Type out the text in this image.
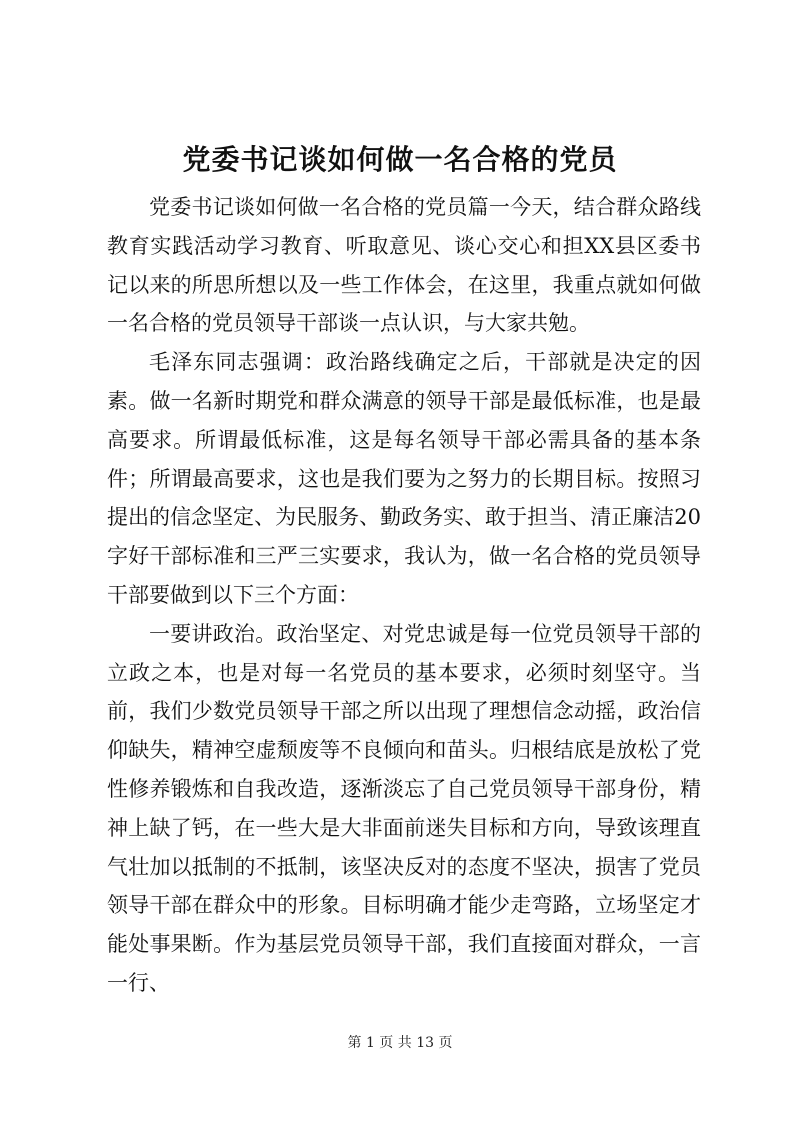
党委书记谈如何做一名合格的党员

党委书记谈如何做一名合格的党员篇一今天，结合群众路线教育实践活动学习教育、听取意见、谈心交心和担XX县区委书记以来的所思所想以及一些工作体会，在这里，我重点就如何做一名合格的党员领导干部谈一点认识，与大家共勉。

毛泽东同志强调：政治路线确定之后，干部就是决定的因素。做一名新时期党和群众满意的领导干部是最低标准，也是最高要求。所谓最低标准，这是每名领导干部必需具备的基本条件；所谓最高要求，这也是我们要为之努力的长期目标。按照习提出的信念坚定、为民服务、勤政务实、敢于担当、清正廉洁20字好干部标准和三严三实要求，我认为，做一名合格的党员领导干部要做到以下三个方面：

一要讲政治。政治坚定、对党忠诚是每一位党员领导干部的立政之本，也是对每一名党员的基本要求，必须时刻坚守。当前，我们少数党员领导干部之所以出现了理想信念动摇，政治信仰缺失，精神空虚颓废等不良倾向和苗头。归根结底是放松了党性修养锻炼和自我改造，逐渐淡忘了自己党员领导干部身份，精神上缺了钙，在一些大是大非面前迷失目标和方向，导致该理直气壮加以抵制的不抵制，该坚决反对的态度不坚决，损害了党员领导干部在群众中的形象。目标明确才能少走弯路，立场坚定才能处事果断。作为基层党员领导干部，我们直接面对群众，一言一行、

第 1 页 共 13 页
